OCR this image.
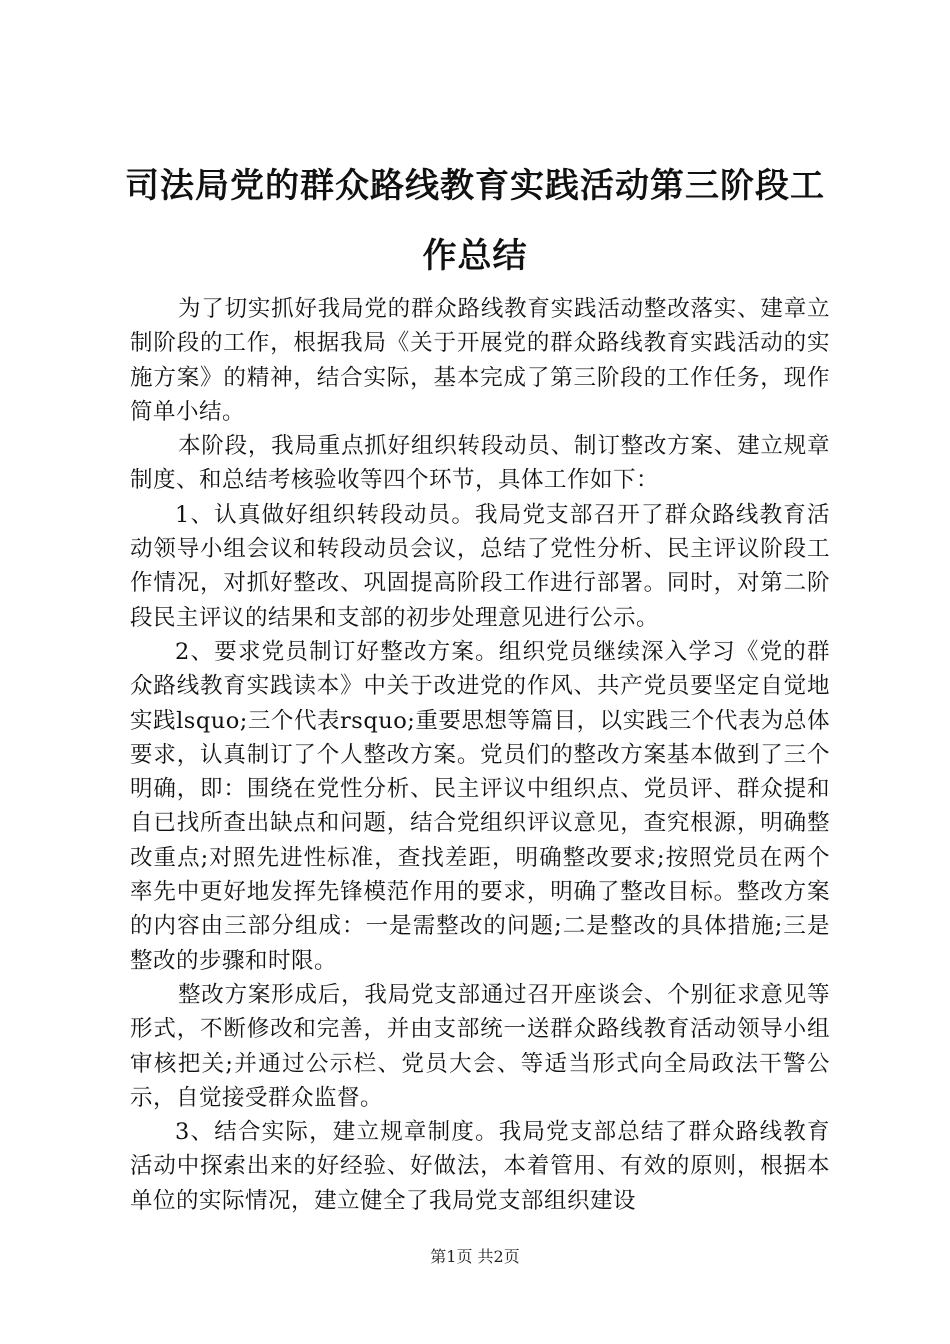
司法局党的群众路线教育实践活动第三阶段工
作总结

为了切实抓好我局党的群众路线教育实践活动整改落实、建章立制阶段的工作，根据我局《关于开展党的群众路线教育实践活动的实施方案》的精神，结合实际，基本完成了第三阶段的工作任务，现作简单小结。

本阶段，我局重点抓好组织转段动员、制订整改方案、建立规章制度、和总结考核验收等四个环节，具体工作如下：

1、认真做好组织转段动员。我局党支部召开了群众路线教育活动领导小组会议和转段动员会议，总结了党性分析、民主评议阶段工作情况，对抓好整改、巩固提高阶段工作进行部署。同时，对第二阶段民主评议的结果和支部的初步处理意见进行公示。

2、要求党员制订好整改方案。组织党员继续深入学习《党的群众路线教育实践读本》中关于改进党的作风、共产党员要坚定自觉地实践lsquo;三个代表rsquo;重要思想等篇目，以实践三个代表为总体要求，认真制订了个人整改方案。党员们的整改方案基本做到了三个明确，即：围绕在党性分析、民主评议中组织点、党员评、群众提和自已找所查出缺点和问题，结合党组织评议意见，查究根源，明确整改重点;对照先进性标准，查找差距，明确整改要求;按照党员在两个率先中更好地发挥先锋模范作用的要求，明确了整改目标。整改方案的内容由三部分组成：一是需整改的问题;二是整改的具体措施;三是整改的步骤和时限。

整改方案形成后，我局党支部通过召开座谈会、个别征求意见等形式，不断修改和完善，并由支部统一送群众路线教育活动领导小组审核把关;并通过公示栏、党员大会、等适当形式向全局政法干警公示，自觉接受群众监督。

3、结合实际，建立规章制度。我局党支部总结了群众路线教育活动中探索出来的好经验、好做法，本着管用、有效的原则，根据本单位的实际情况，建立健全了我局党支部组织建设

第1页 共2页
